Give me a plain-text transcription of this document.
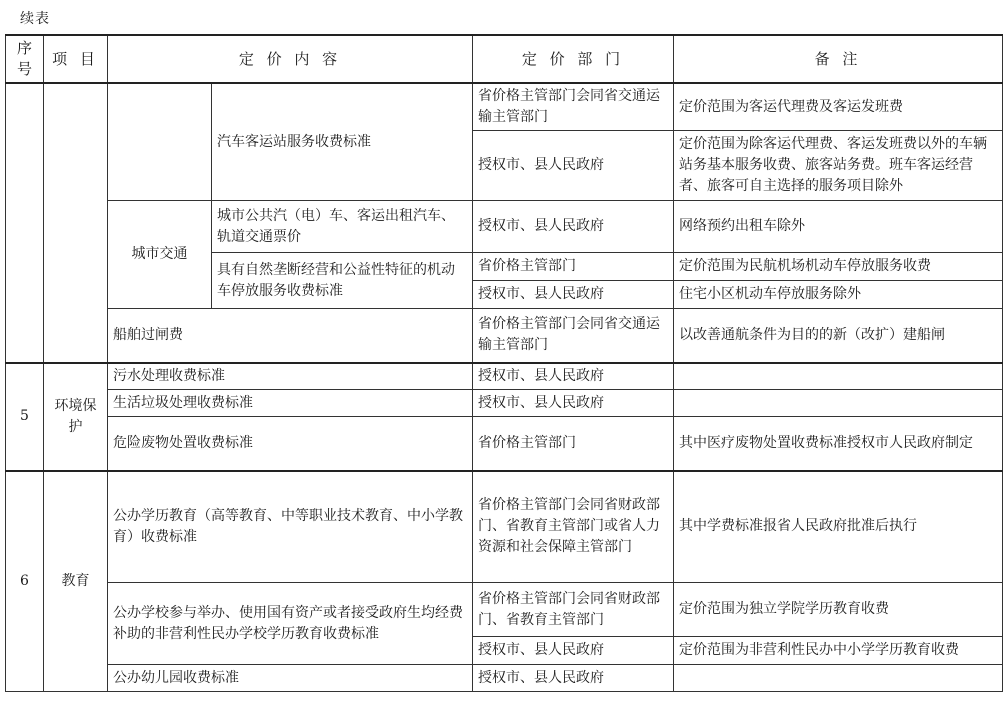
续表
序号	项 目	定 价 内 容		定 价 部 门	备 注
			汽车客运站服务收费标准	省价格主管部门会同省交通运输主管部门	定价范围为客运代理费及客运发班费
				授权市、县人民政府	定价范围为除客运代理费、客运发班费以外的车辆站务基本服务收费、旅客站务费。班车客运经营者、旅客可自主选择的服务项目除外
		城市交通	城市公共汽（电）车、客运出租汽车、轨道交通票价	授权市、县人民政府	网络预约出租车除外
			具有自然垄断经营和公益性特征的机动车停放服务收费标准	省价格主管部门	定价范围为民航机场机动车停放服务收费
				授权市、县人民政府	住宅小区机动车停放服务除外
		船舶过闸费		省价格主管部门会同省交通运输主管部门	以改善通航条件为目的的新（改扩）建船闸
5	环境保护	污水处理收费标准		授权市、县人民政府	
		生活垃圾处理收费标准		授权市、县人民政府	
		危险废物处置收费标准		省价格主管部门	其中医疗废物处置收费标准授权市人民政府制定
6	教育	公办学历教育（高等教育、中等职业技术教育、中小学教育）收费标准		省价格主管部门会同省财政部门、省教育主管部门或省人力资源和社会保障主管部门	其中学费标准报省人民政府批准后执行
		公办学校参与举办、使用国有资产或者接受政府生均经费补助的非营利性民办学校学历教育收费标准		省价格主管部门会同省财政部门、省教育主管部门	定价范围为独立学院学历教育收费
				授权市、县人民政府	定价范围为非营利性民办中小学学历教育收费
		公办幼儿园收费标准		授权市、县人民政府	
